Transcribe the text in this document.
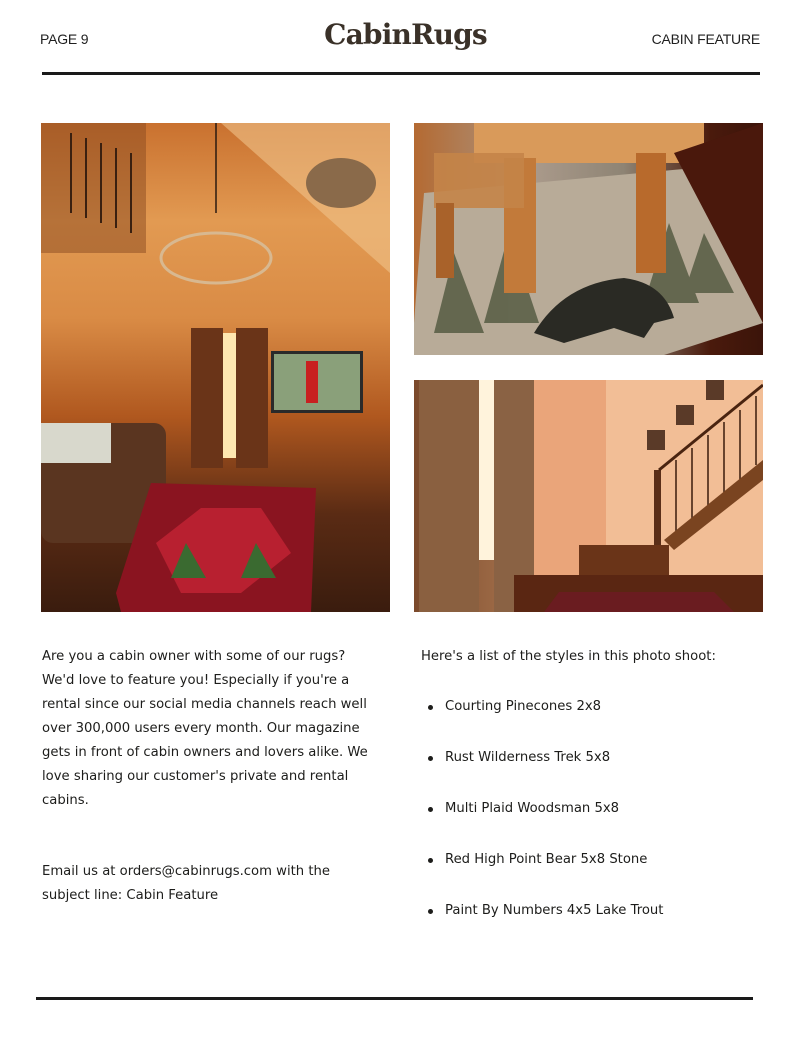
PAGE 9	CabinRugs	CABIN FEATURE

Are you a cabin owner with some of our rugs? We'd love to feature you! Especially if you're a rental since our social media channels reach well over 300,000 users every month. Our magazine gets in front of cabin owners and lovers alike. We love sharing our customer's private and rental cabins.

Email us at orders@cabinrugs.com with the subject line: Cabin Feature

Here's a list of the styles in this photo shoot:

Courting Pinecones 2x8
Rust Wilderness Trek 5x8
Multi Plaid Woodsman 5x8
Red High Point Bear 5x8 Stone
Paint By Numbers 4x5 Lake Trout
